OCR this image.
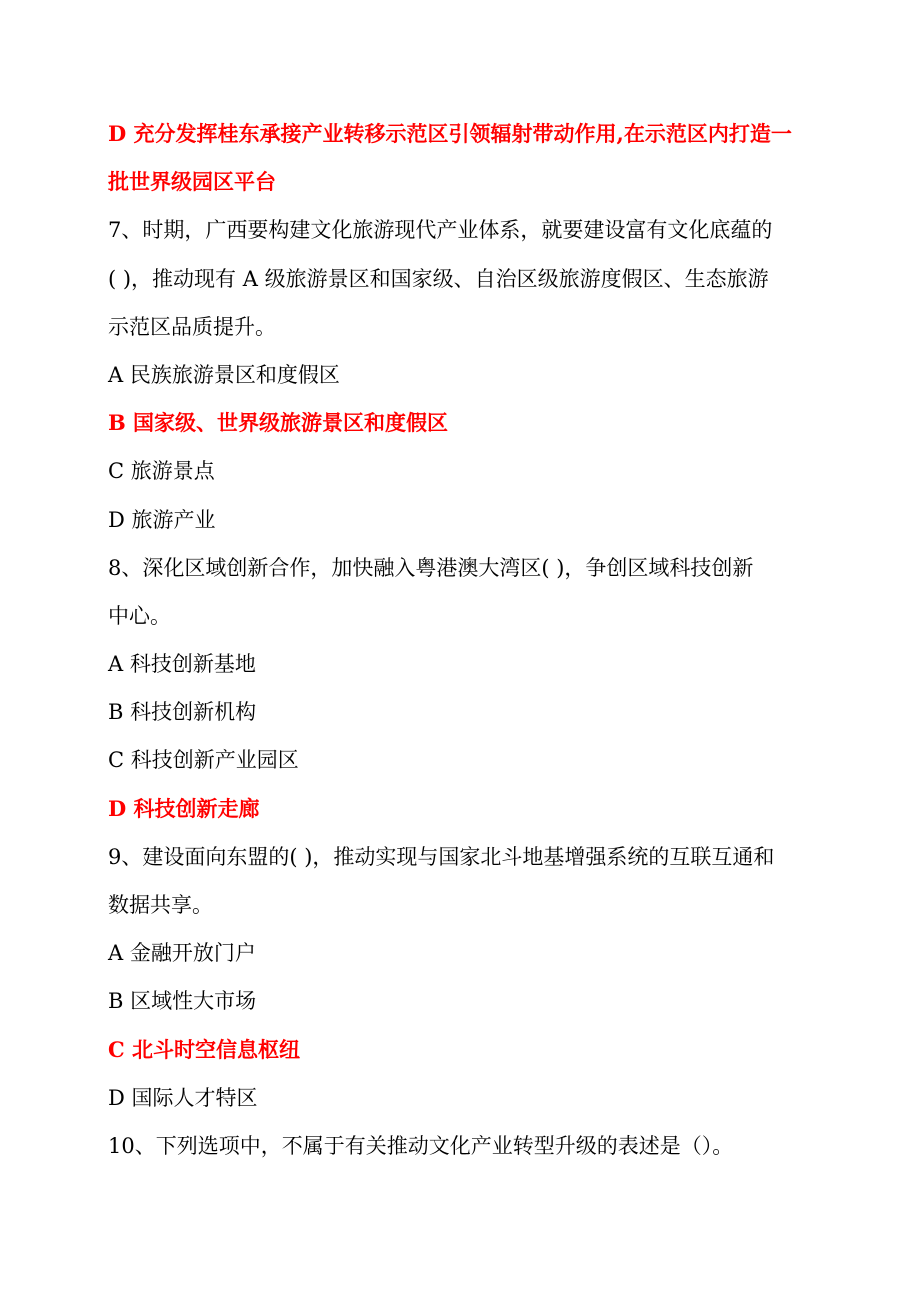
D 充分发挥桂东承接产业转移示范区引领辐射带动作用,在示范区内打造一
批世界级园区平台
7、时期，广西要构建文化旅游现代产业体系，就要建设富有文化底蕴的
( )，推动现有 A 级旅游景区和国家级、自治区级旅游度假区、生态旅游
示范区品质提升。
A 民族旅游景区和度假区
B 国家级、世界级旅游景区和度假区
C 旅游景点
D 旅游产业
8、深化区域创新合作，加快融入粤港澳大湾区( )，争创区域科技创新
中心。
A 科技创新基地
B 科技创新机构
C 科技创新产业园区
D 科技创新走廊
9、建设面向东盟的( )，推动实现与国家北斗地基增强系统的互联互通和
数据共享。
A 金融开放门户
B 区域性大市场
C 北斗时空信息枢纽
D 国际人才特区
10、下列选项中，不属于有关推动文化产业转型升级的表述是（）。
